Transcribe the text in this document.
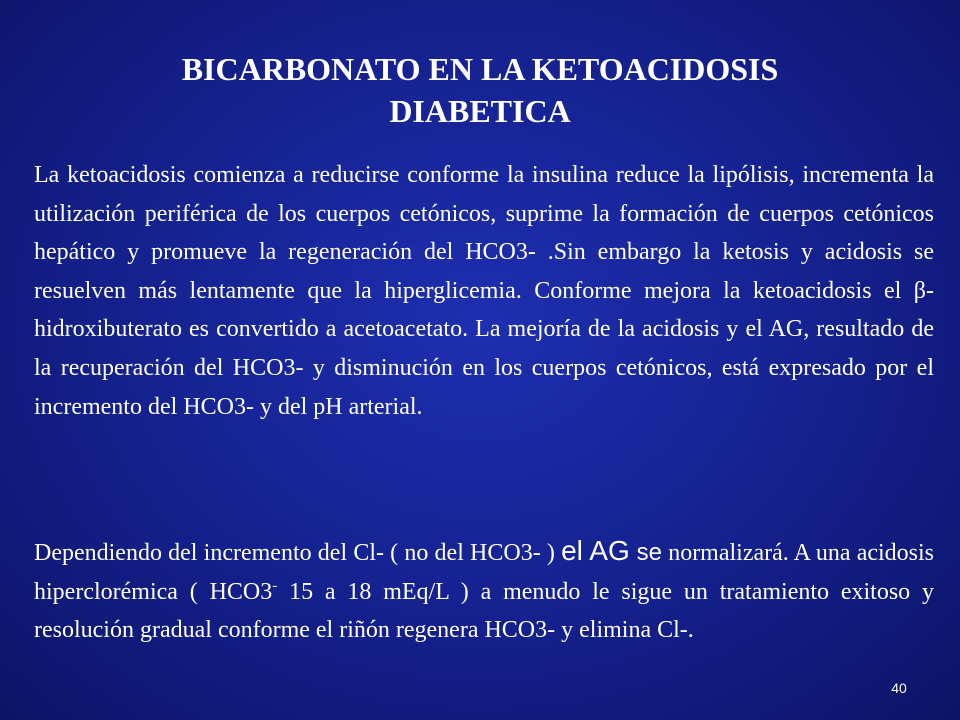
BICARBONATO EN LA KETOACIDOSIS
DIABETICA

La ketoacidosis comienza a reducirse conforme la insulina reduce la lipólisis, incrementa la utilización periférica de los cuerpos cetónicos, suprime la formación de cuerpos cetónicos hepático y promueve la regeneración del HCO3- .Sin embargo la ketosis y acidosis se resuelven más lentamente que la hiperglicemia. Conforme mejora la ketoacidosis el β-hidroxibuterato es convertido a acetoacetato. La mejoría de la acidosis y el AG, resultado de la recuperación del HCO3- y disminución en los cuerpos cetónicos, está expresado por el incremento del HCO3- y del pH arterial.

Dependiendo del incremento del Cl- ( no del HCO3- ) el AG se normalizará. A una acidosis hiperclorémica ( HCO3- 15 a 18 mEq/L ) a menudo le sigue un tratamiento exitoso y resolución gradual conforme el riñón regenera HCO3- y elimina Cl-.

40
